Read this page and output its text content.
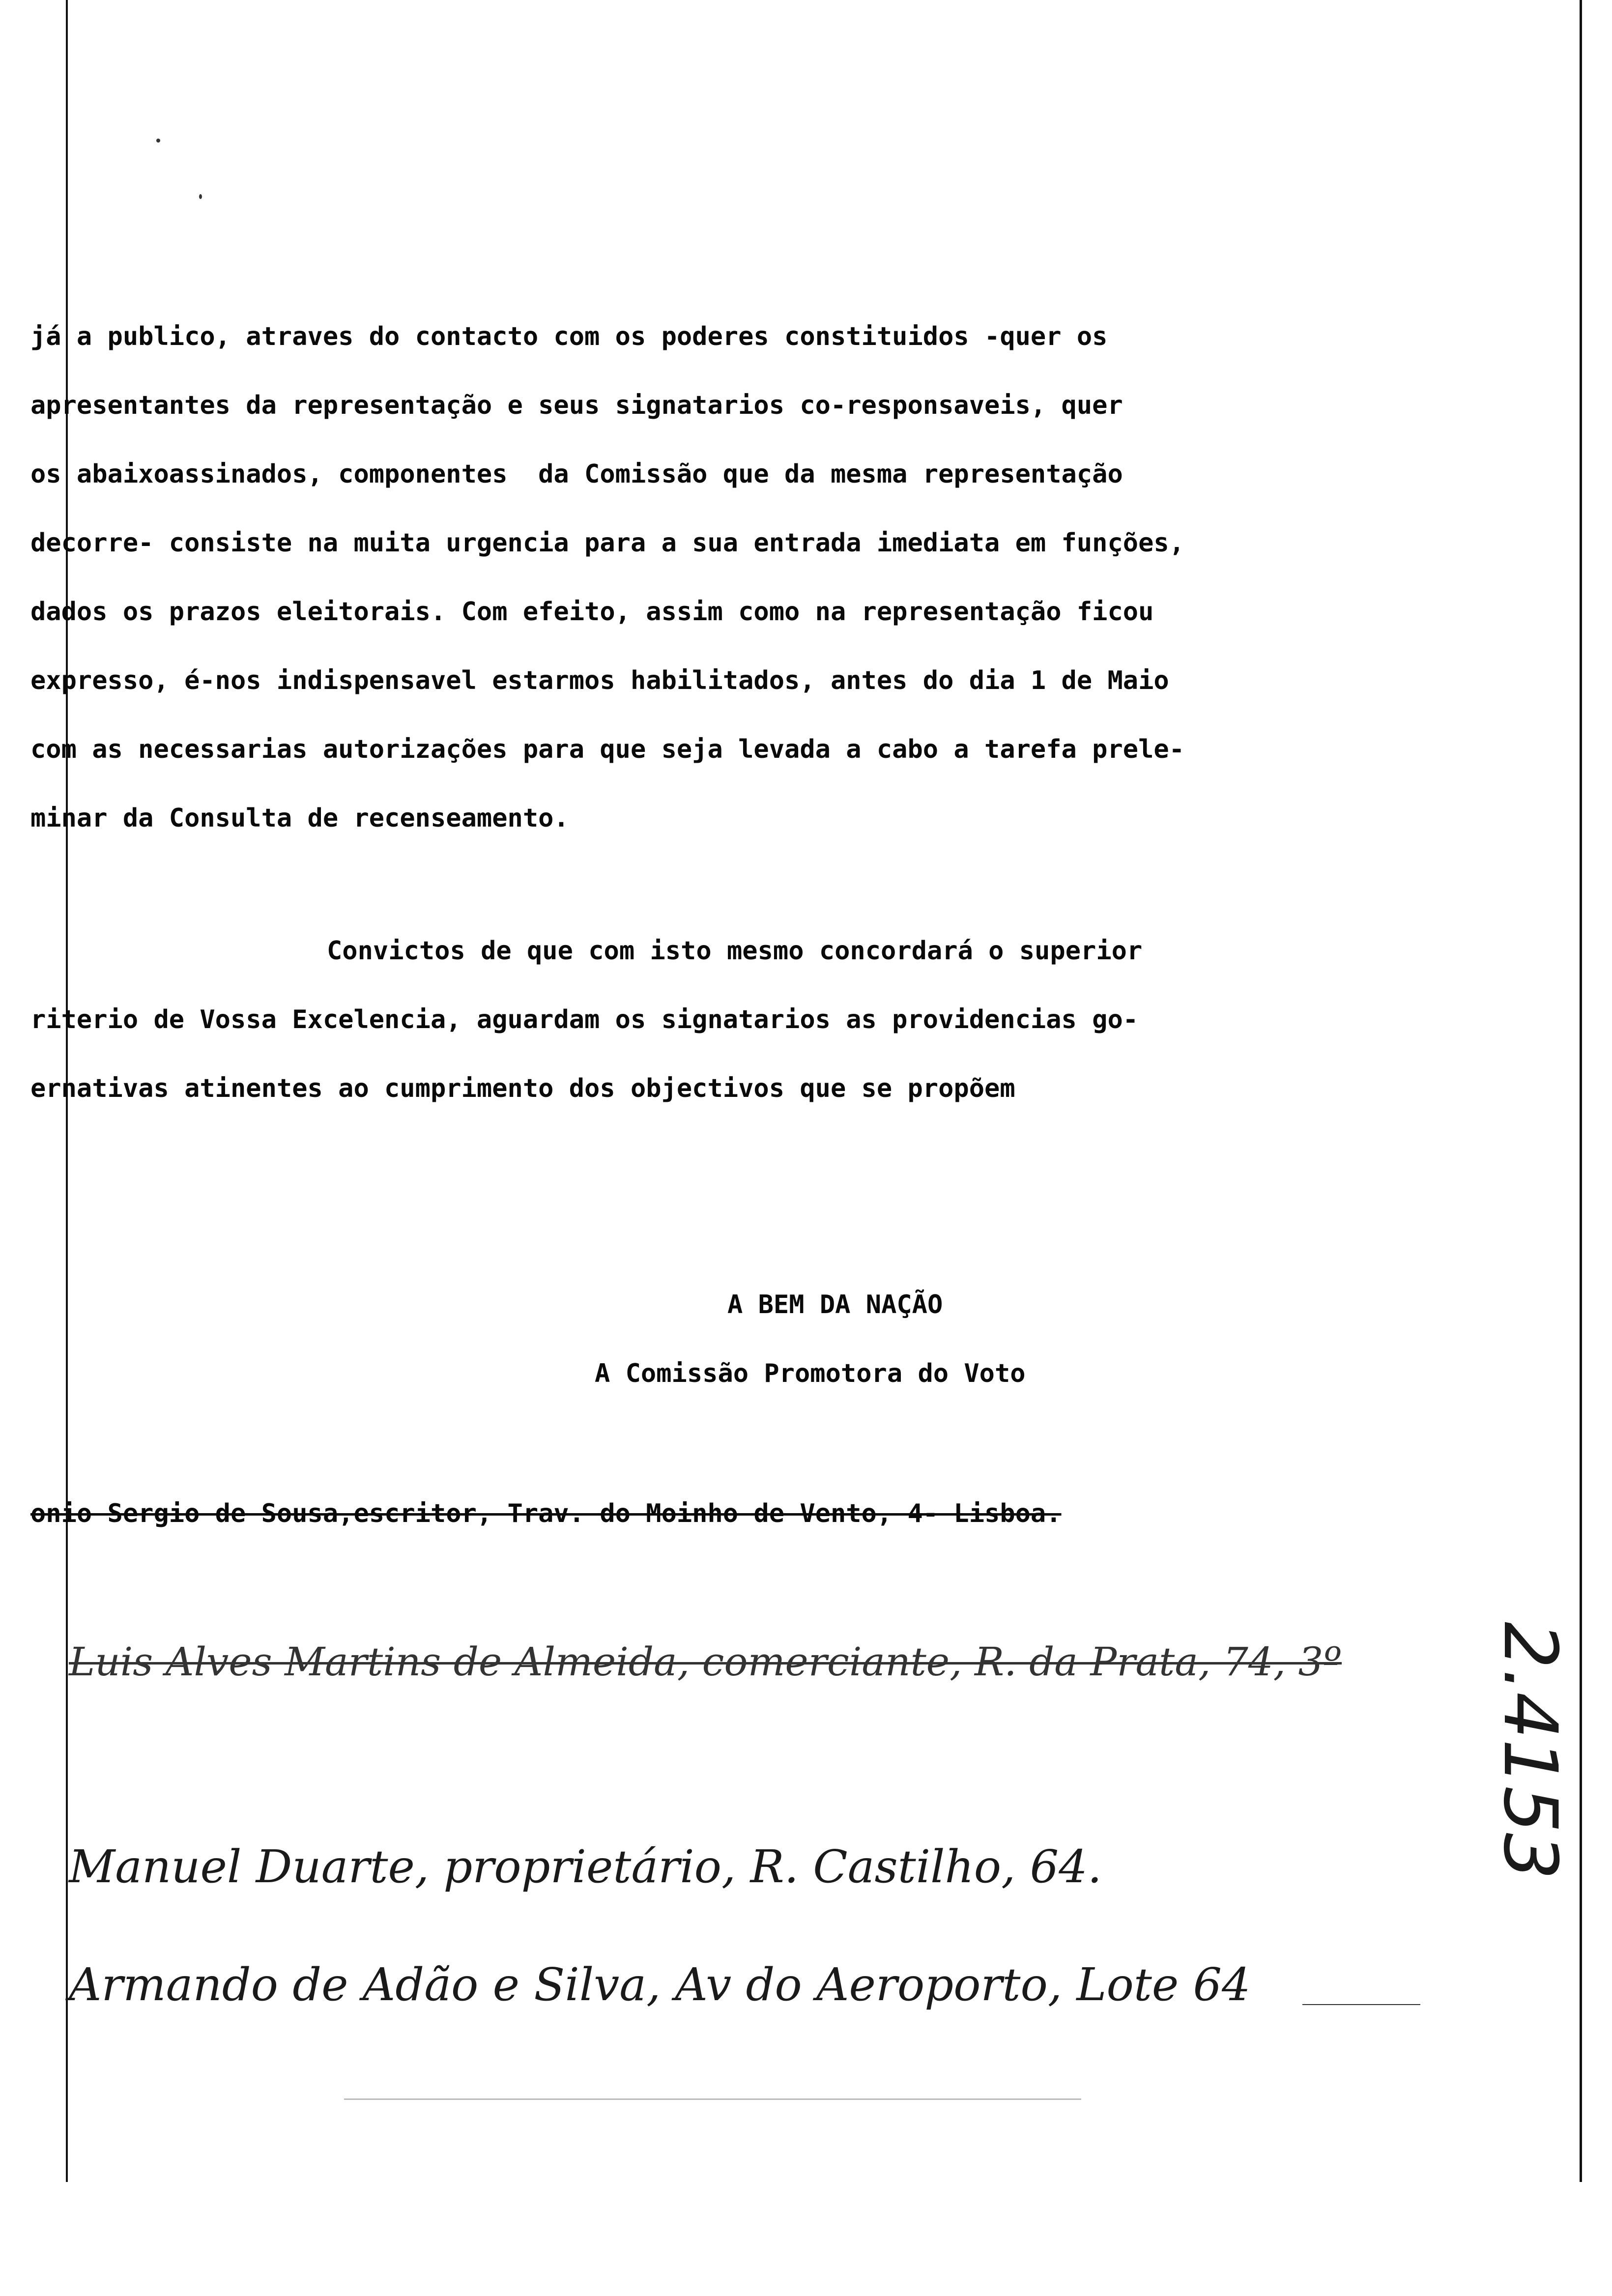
já a publico, atraves do contacto com os poderes constituidos -quer os
apresentantes da representação e seus signatarios co-responsaveis, quer
os abaixoassinados, componentes  da Comissão que da mesma representação
decorre- consiste na muita urgencia para a sua entrada imediata em funções,
dados os prazos eleitorais. Com efeito, assim como na representação ficou
expresso, é-nos indispensavel estarmos habilitados, antes do dia 1 de Maio
com as necessarias autorizações para que seja levada a cabo a tarefa prele-
minar da Consulta de recenseamento.
Convictos de que com isto mesmo concordará o superior
riterio de Vossa Excelencia, aguardam os signatarios as providencias go-
ernativas atinentes ao cumprimento dos objectivos que se propõem
A BEM DA NAÇÃO
A Comissão Promotora do Voto
onio Sergio de Sousa,escritor, Trav. do Moinho de Vento, 4- Lisboa.
Luis Alves Martins de Almeida, comerciante, R. da Prata, 74, 3º
Manuel Duarte, proprietário, R. Castilho, 64.
Armando de Adão e Silva, Av do Aeroporto, Lote 64
2.4153
